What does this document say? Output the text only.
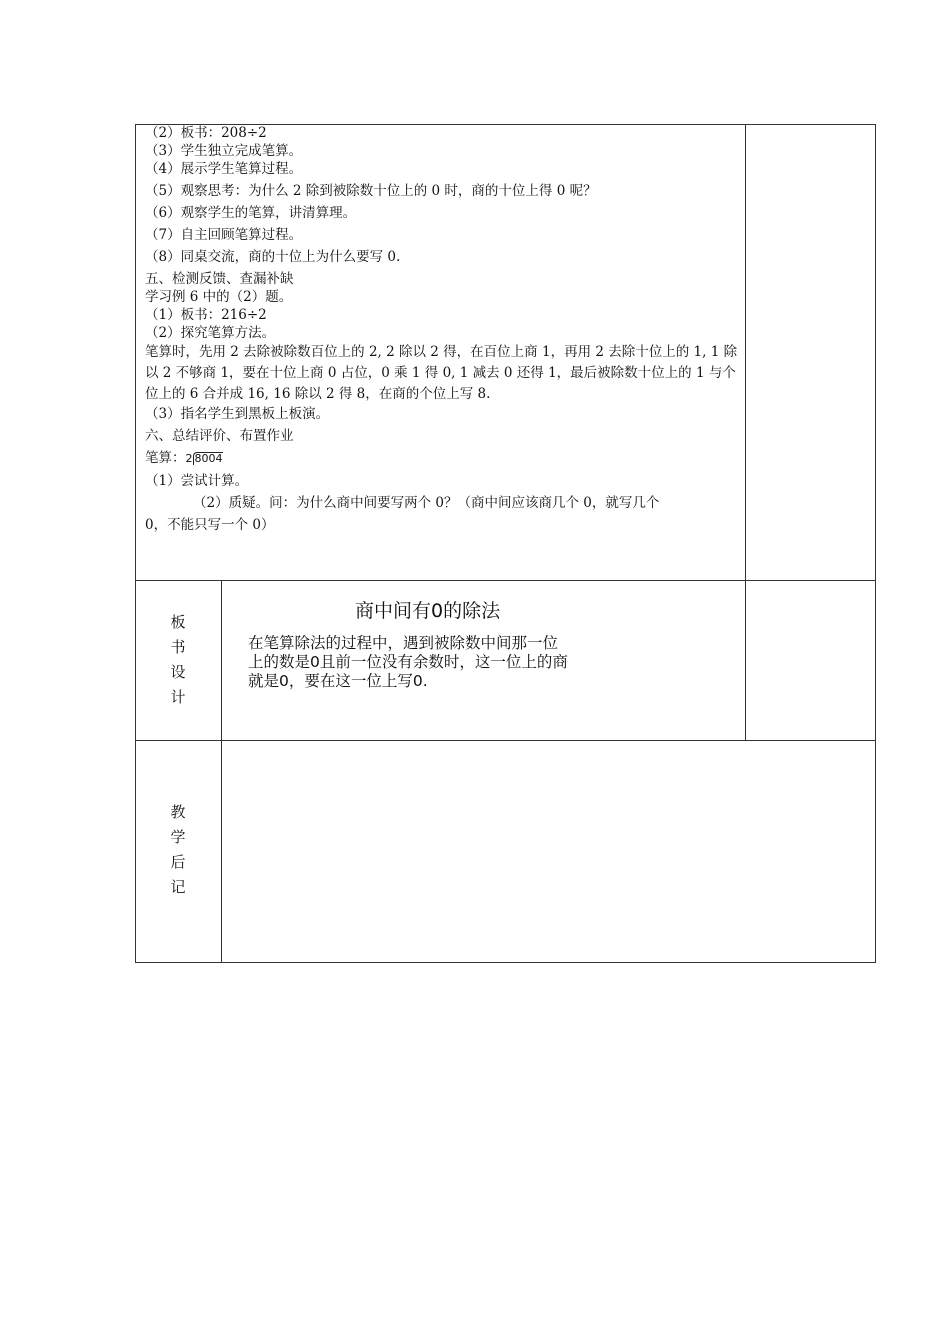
（2）板书：208÷2

（3）学生独立完成笔算。

（4）展示学生笔算过程。

（5）观察思考：为什么 2 除到被除数十位上的 0 时，商的十位上得 0 呢？

（6）观察学生的笔算，讲清算理。

（7）自主回顾笔算过程。

（8）同桌交流，商的十位上为什么要写 0.

五、检测反馈、查漏补缺

学习例 6 中的（2）题。

（1）板书：216÷2

（2）探究笔算方法。

笔算时，先用 2 去除被除数百位上的 2, 2 除以 2 得，在百位上商 1，再用 2 去除十位上的 1, 1 除以 2 不够商 1，要在十位上商 0 占位，0 乘 1 得 0, 1 减去 0 还得 1，最后被除数十位上的 1 与个位上的 6 合并成 16, 16 除以 2 得 8，在商的个位上写 8.

（3）指名学生到黑板上板演。

六、总结评价、布置作业

笔算：2 8004

（1）尝试计算。

（2）质疑。问：为什么商中间要写两个 0？（商中间应该商几个 0，就写几个

0，不能只写一个 0）

板
书
设
计
商中间有0的除法
在笔算除法的过程中，遇到被除数中间那一位
上的数是0且前一位没有余数时，这一位上的商
就是0，要在这一位上写0.
教
学
后
记
